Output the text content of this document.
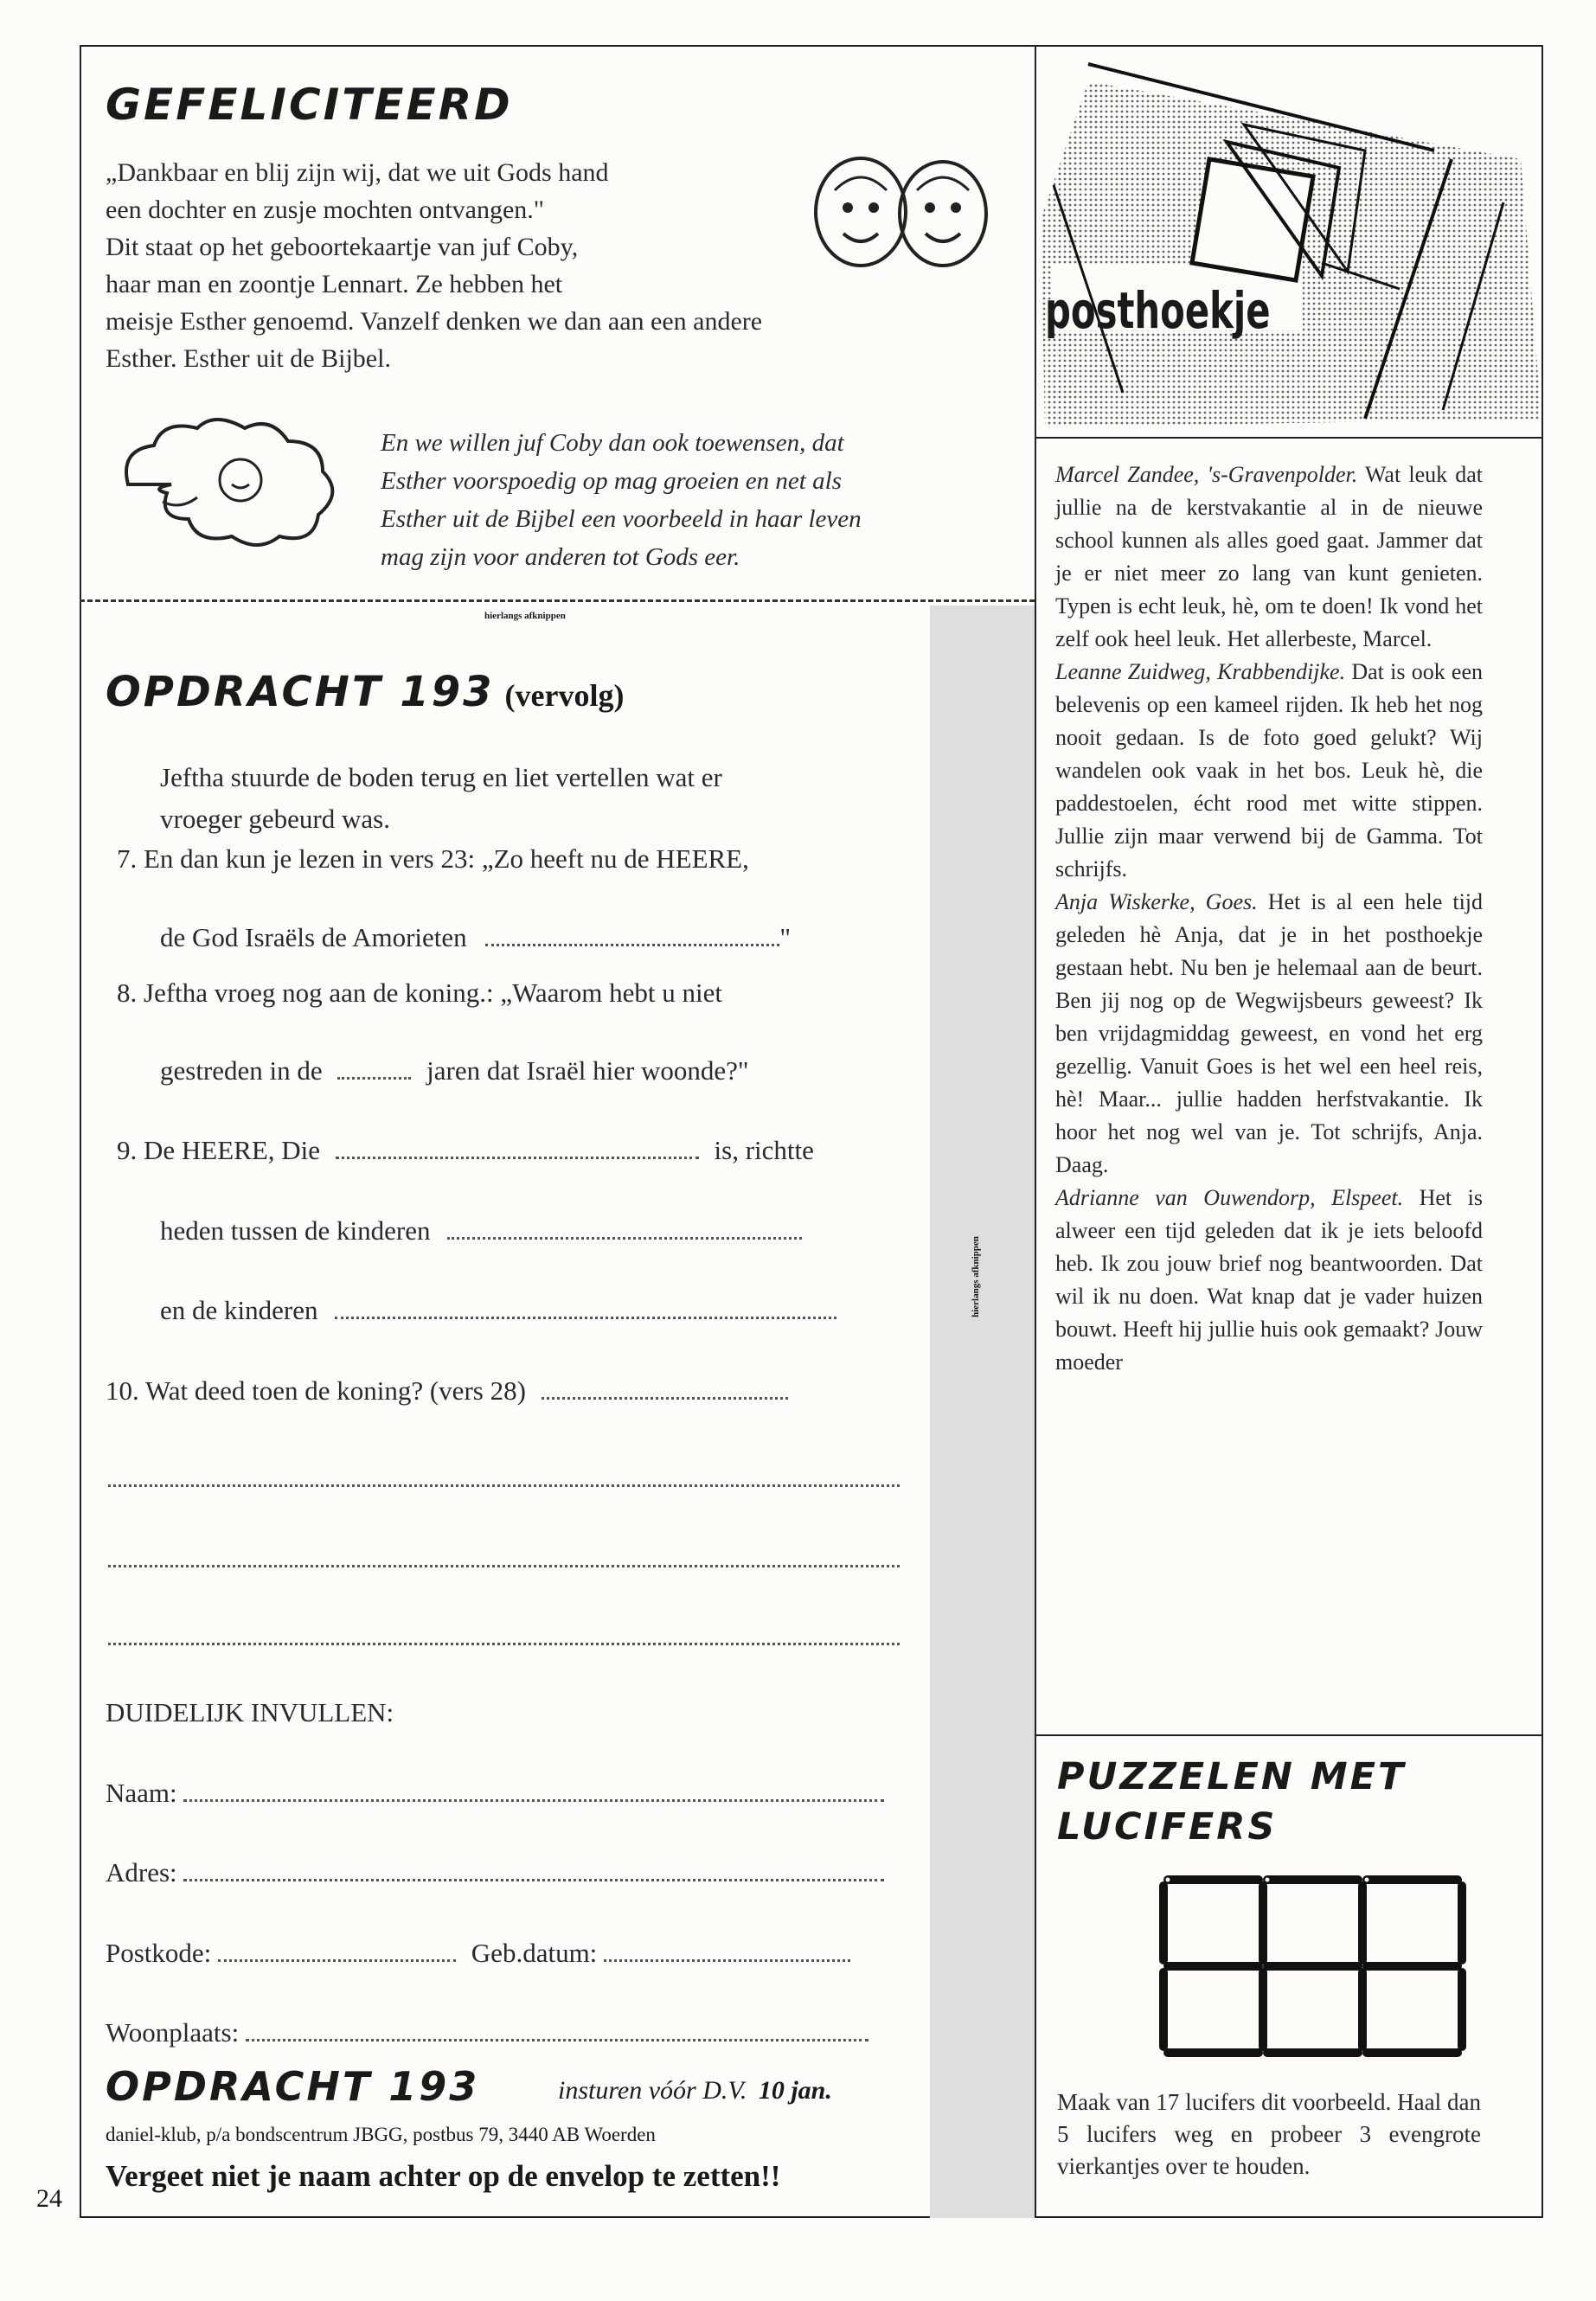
hierlangs afknippen
hierlangs afknippen
24
GEFELICITEERD

„Dankbaar en blij zijn wij, dat we uit Gods hand

een dochter en zusje mochten ontvangen."

Dit staat op het geboortekaartje van juf Coby,

haar man en zoontje Lennart. Ze hebben het

meisje Esther genoemd. Vanzelf denken we dan aan een andere

Esther. Esther uit de Bijbel.

En we willen juf Coby dan ook toewensen, dat

Esther voorspoedig op mag groeien en net als

Esther uit de Bijbel een voorbeeld in haar leven

mag zijn voor anderen tot Gods eer.

OPDRACHT 193 (vervolg)

Jeftha stuurde de boden terug en liet vertellen wat er

vroeger gebeurd was.

7. En dan kun je lezen in vers 23: „Zo heeft nu de HEERE,
de God Israëls de Amorieten	"
8. Jeftha vroeg nog aan de koning.: „Waarom hebt u niet
gestreden in de	jaren dat Israël hier woonde?"
9. De HEERE, Die	is, richtte
heden tussen de kinderen
en de kinderen
10. Wat deed toen de koning? (vers 28)
DUIDELIJK INVULLEN:
Naam:
Adres:
Postkode:	Geb.datum:
Woonplaats:
OPDRACHT 193	insturen vóór D.V. 10 jan.
daniel-klub, p/a bondscentrum JBGG, postbus 79, 3440 AB Woerden
Vergeet niet je naam achter op de envelop te zetten!!
posthoekje

Marcel Zandee, 's-Gravenpolder. Wat leuk dat jullie na de kerstvakantie al in de nieuwe school kunnen als alles goed gaat. Jammer dat je er niet meer zo lang van kunt genieten. Typen is echt leuk, hè, om te doen! Ik vond het zelf ook heel leuk. Het allerbeste, Marcel.

Leanne Zuidweg, Krabbendijke. Dat is ook een belevenis op een kameel rijden. Ik heb het nog nooit gedaan. Is de foto goed gelukt? Wij wandelen ook vaak in het bos. Leuk hè, die paddestoelen, écht rood met witte stippen. Jullie zijn maar verwend bij de Gamma. Tot schrijfs.

Anja Wiskerke, Goes. Het is al een hele tijd geleden hè Anja, dat je in het posthoekje gestaan hebt. Nu ben je helemaal aan de beurt. Ben jij nog op de Wegwijsbeurs geweest? Ik ben vrijdagmiddag geweest, en vond het erg gezellig. Vanuit Goes is het wel een heel reis, hè! Maar... jullie hadden herfstvakantie. Ik hoor het nog wel van je. Tot schrijfs, Anja. Daag.

Adrianne van Ouwendorp, Elspeet. Het is alweer een tijd geleden dat ik je iets beloofd heb. Ik zou jouw brief nog beantwoorden. Dat wil ik nu doen. Wat knap dat je vader huizen bouwt. Heeft hij jullie huis ook gemaakt? Jouw moeder

PUZZELEN MET
LUCIFERS
Maak van 17 lucifers dit voorbeeld. Haal dan 5 lucifers weg en probeer 3 evengrote vierkantjes over te houden.
